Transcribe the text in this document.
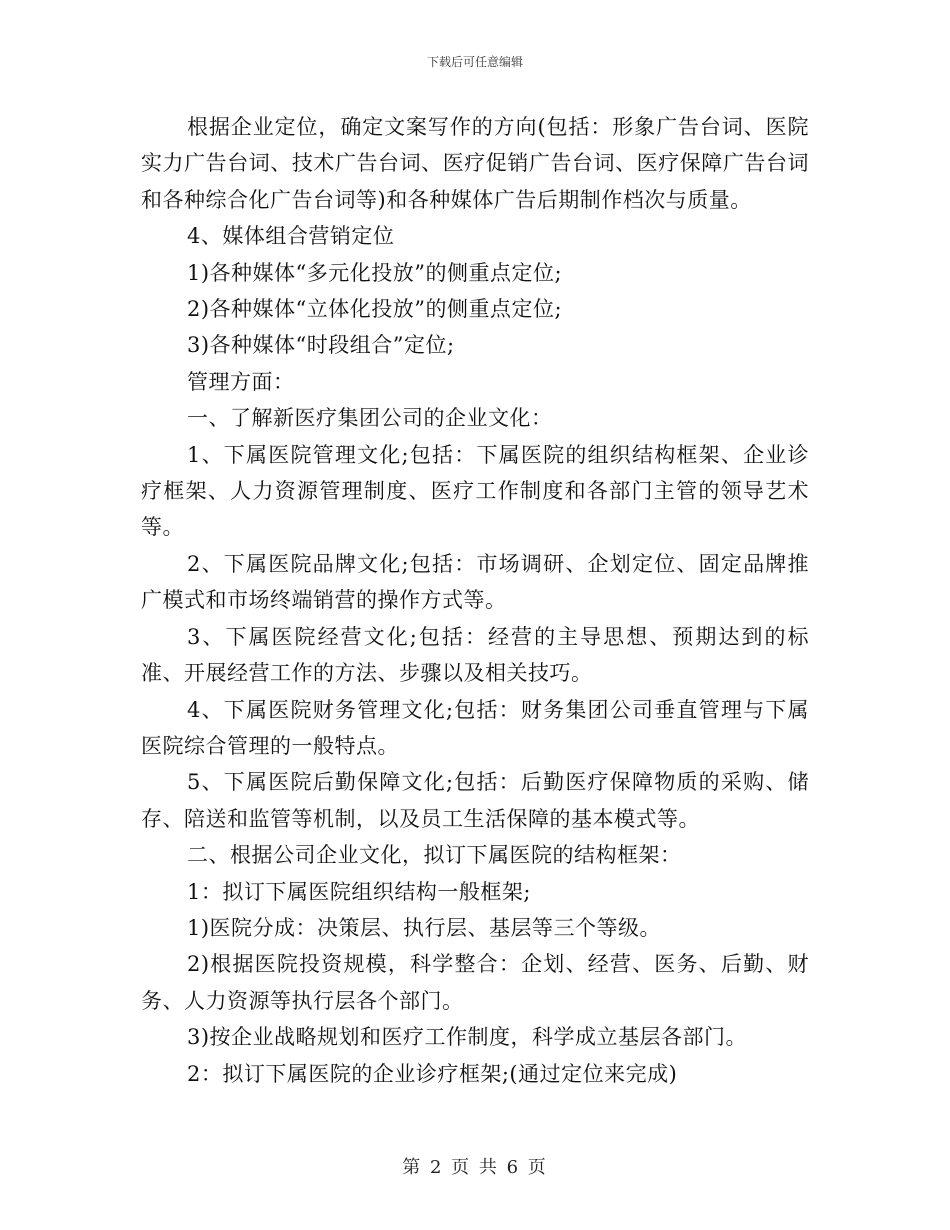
下载后可任意编辑

根据企业定位，确定文案写作的方向(包括：形象广告台词、医院实力广告台词、技术广告台词、医疗促销广告台词、医疗保障广告台词和各种综合化广告台词等)和各种媒体广告后期制作档次与质量。

4、媒体组合营销定位

1)各种媒体“多元化投放”的侧重点定位;

2)各种媒体“立体化投放”的侧重点定位;

3)各种媒体“时段组合”定位;

管理方面：

一、了解新医疗集团公司的企业文化：

1、下属医院管理文化;包括：下属医院的组织结构框架、企业诊疗框架、人力资源管理制度、医疗工作制度和各部门主管的领导艺术等。

2、下属医院品牌文化;包括：市场调研、企划定位、固定品牌推广模式和市场终端销营的操作方式等。

3、下属医院经营文化;包括：经营的主导思想、预期达到的标准、开展经营工作的方法、步骤以及相关技巧。

4、下属医院财务管理文化;包括：财务集团公司垂直管理与下属医院综合管理的一般特点。

5、下属医院后勤保障文化;包括：后勤医疗保障物质的采购、储存、陪送和监管等机制，以及员工生活保障的基本模式等。

二、根据公司企业文化，拟订下属医院的结构框架：

1：拟订下属医院组织结构一般框架;

1)医院分成：决策层、执行层、基层等三个等级。

2)根据医院投资规模，科学整合：企划、经营、医务、后勤、财务、人力资源等执行层各个部门。

3)按企业战略规划和医疗工作制度，科学成立基层各部门。

2：拟订下属医院的企业诊疗框架;(通过定位来完成)

第 2 页 共 6 页
